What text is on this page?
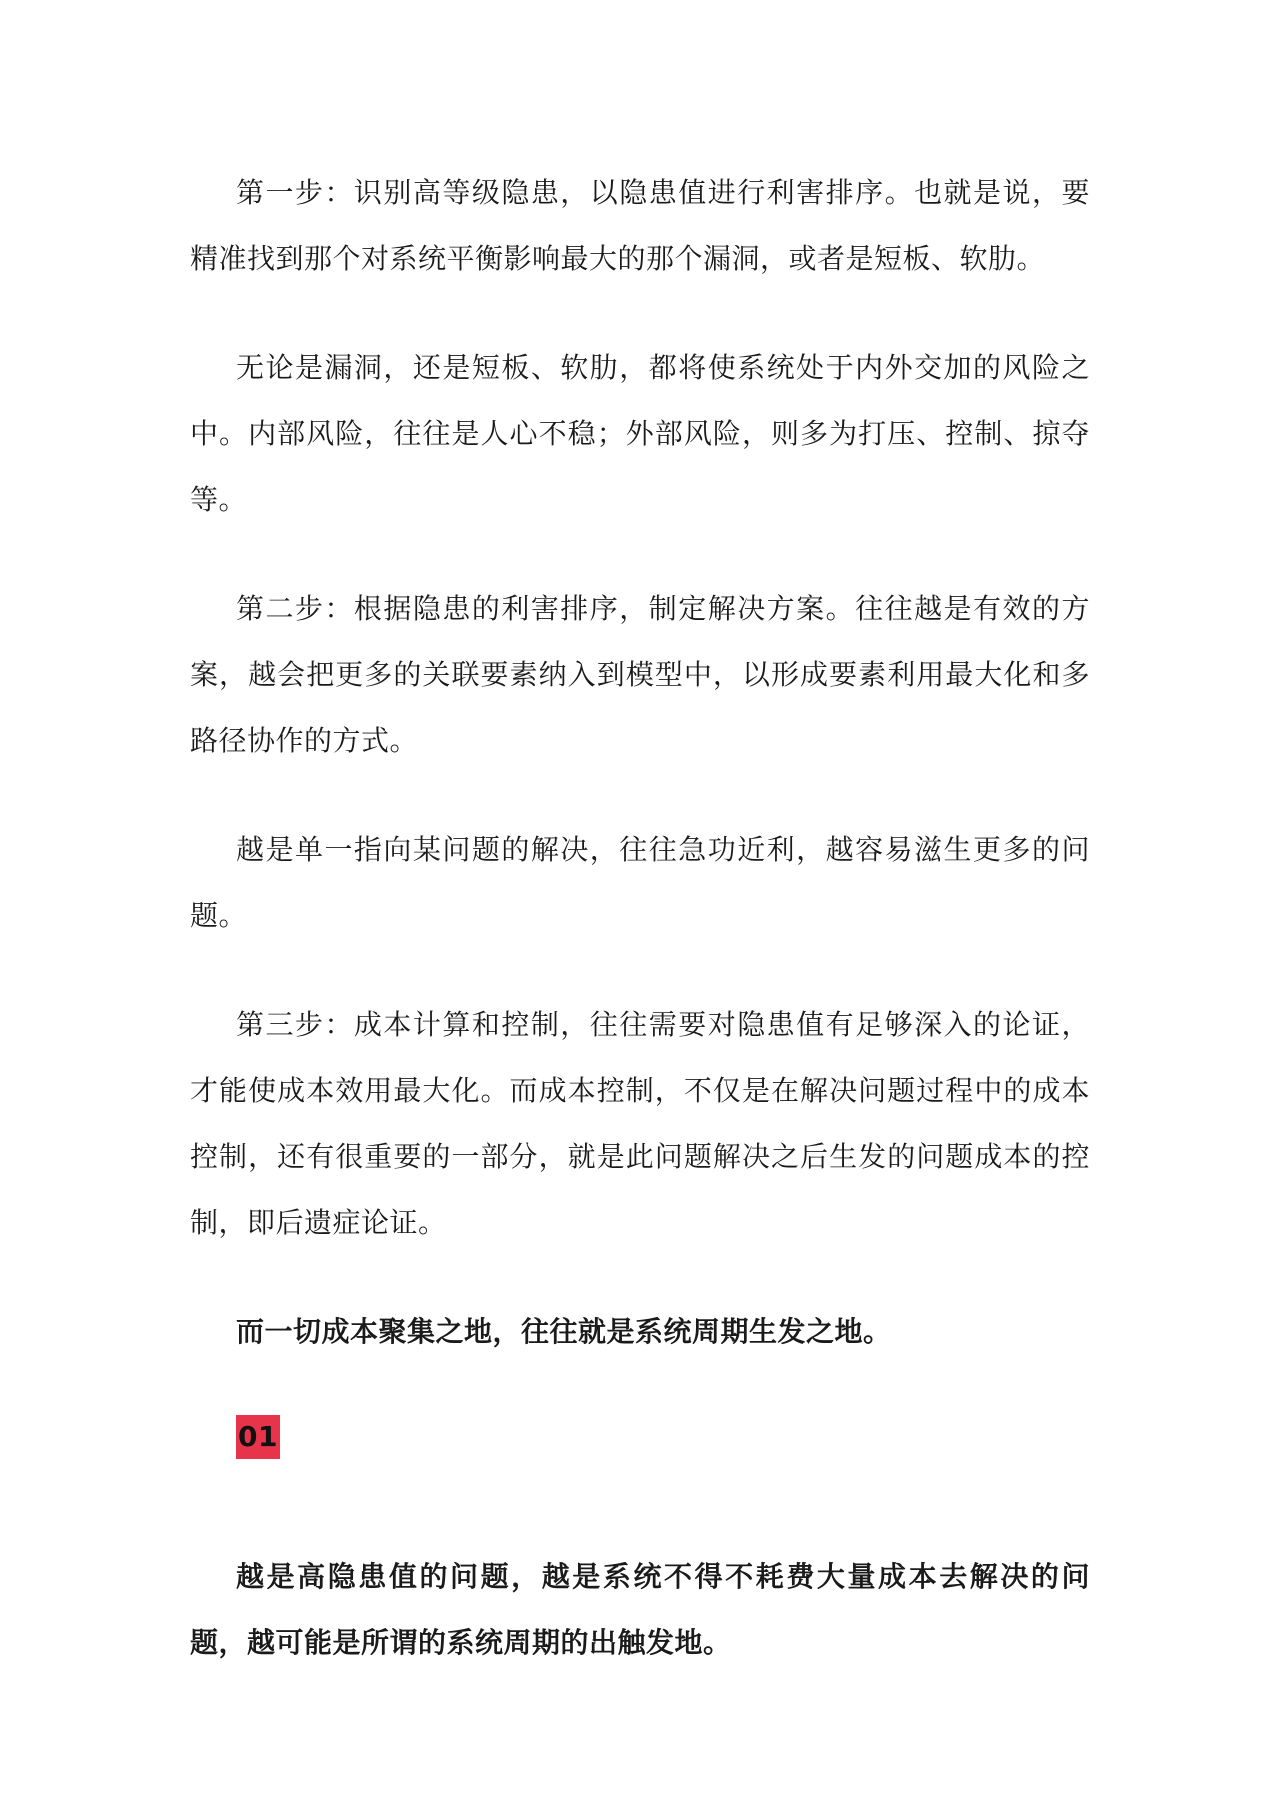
第一步：识别高等级隐患，以隐患值进行利害排序。也就是说，要精准找到那个对系统平衡影响最大的那个漏洞，或者是短板、软肋。

无论是漏洞，还是短板、软肋，都将使系统处于内外交加的风险之中。内部风险，往往是人心不稳；外部风险，则多为打压、控制、掠夺等。

第二步：根据隐患的利害排序，制定解决方案。往往越是有效的方案，越会把更多的关联要素纳入到模型中，以形成要素利用最大化和多路径协作的方式。

越是单一指向某问题的解决，往往急功近利，越容易滋生更多的问题。

第三步：成本计算和控制，往往需要对隐患值有足够深入的论证，才能使成本效用最大化。而成本控制，不仅是在解决问题过程中的成本控制，还有很重要的一部分，就是此问题解决之后生发的问题成本的控制，即后遗症论证。

而一切成本聚集之地，往往就是系统周期生发之地。

01

越是高隐患值的问题，越是系统不得不耗费大量成本去解决的问题，越可能是所谓的系统周期的出触发地。
